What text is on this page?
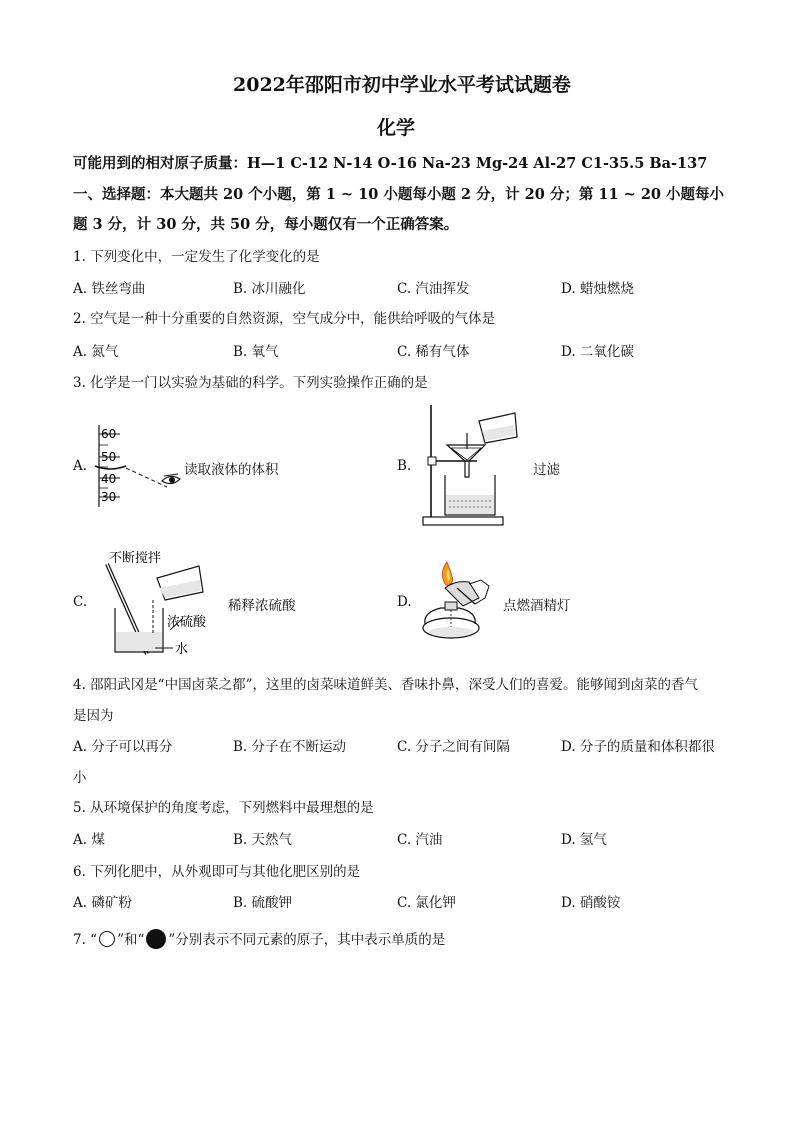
2022年邵阳市初中学业水平考试试题卷
化学
可能用到的相对原子质量：H—1 C-12 N-14 O-16 Na-23 Mg-24 Al-27 C1-35.5 Ba-137
一、选择题：本大题共 20 个小题，第 1 ~ 10 小题每小题 2 分，计 20 分；第 11 ~ 20 小题每小
题 3 分，计 30 分，共 50 分，每小题仅有一个正确答案。
1. 下列变化中，一定发生了化学变化的是
A. 铁丝弯曲	B. 冰川融化	C. 汽油挥发	D. 蜡烛燃烧
2. 空气是一种十分重要的自然资源，空气成分中，能供给呼吸的气体是
A. 氮气	B. 氧气	C. 稀有气体	D. 二氧化碳
3. 化学是一门以实验为基础的科学。下列实验操作正确的是
A.
60
50
40
30
读取液体的体积	B.	过滤
C.
不断搅拌
浓硫酸
水
稀释浓硫酸	D.	点燃酒精灯
4. 邵阳武冈是“中国卤菜之都”，这里的卤菜味道鲜美、香味扑鼻，深受人们的喜爱。能够闻到卤菜的香气
是因为
A. 分子可以再分	B. 分子在不断运动	C. 分子之间有间隔	D. 分子的质量和体积都很
小
5. 从环境保护的角度考虑，下列燃料中最理想的是
A. 煤	B. 天然气	C. 汽油	D. 氢气
6. 下列化肥中，从外观即可与其他化肥区别的是
A. 磷矿粉	B. 硫酸钾	C. 氯化钾	D. 硝酸铵
7. “ ”和“ ”分别表示不同元素的原子，其中表示单质的是
